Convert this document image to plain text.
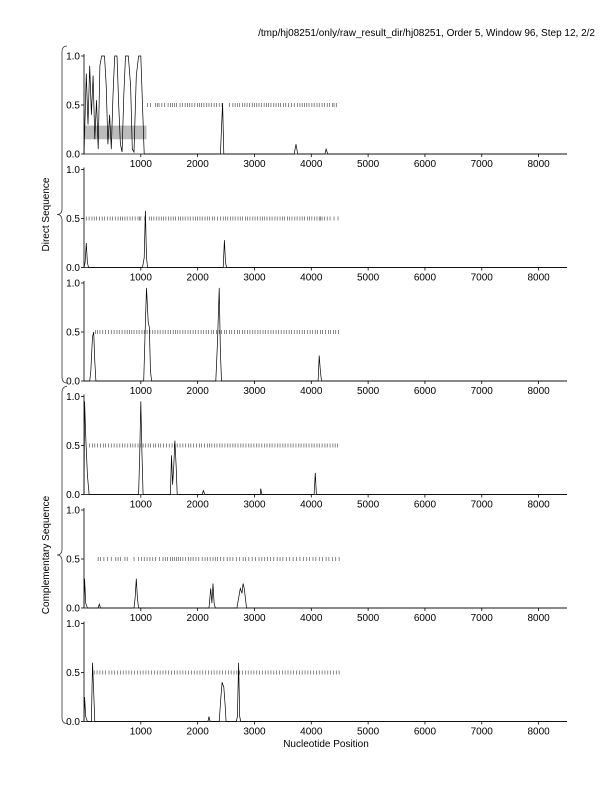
/tmp/hj08251/only/raw_result_dir/hj08251, Order 5, Window 96, Step 12, 2/2
0.0
0.5
1.0
1000	2000	3000	4000	5000	6000	7000	8000
0.0
0.5
1.0
1000	2000	3000	4000	5000	6000	7000	8000
0.0
0.5
1.0
1000	2000	3000	4000	5000	6000	7000	8000
0.0
0.5
1.0
1000	2000	3000	4000	5000	6000	7000	8000
0.0
0.5
1.0
1000	2000	3000	4000	5000	6000	7000	8000
0.0
0.5
1.0
1000	2000	3000	4000	5000	6000	7000	8000
Direct Sequence
Complementary Sequence
Nucleotide Position
